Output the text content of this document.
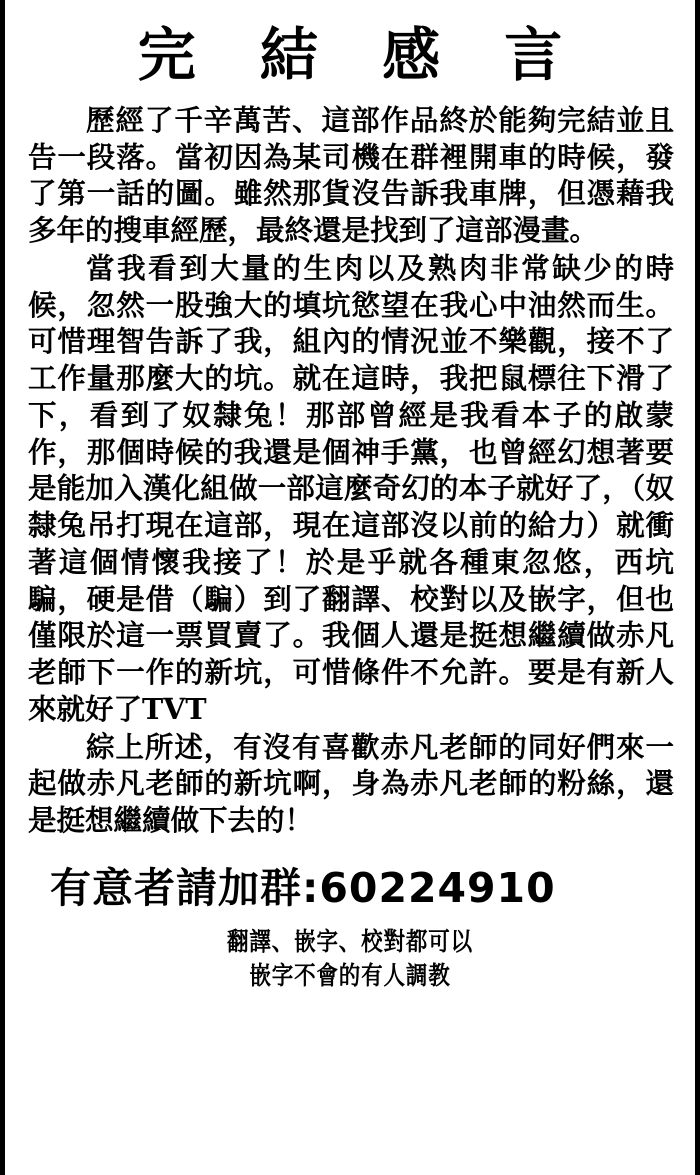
完 結 感 言

歷經了千辛萬苦、這部作品終於能夠完結並且告一段落。當初因為某司機在群裡開車的時候，發了第一話的圖。雖然那貨沒告訴我車牌，但憑藉我多年的搜車經歷，最終還是找到了這部漫畫。

當我看到大量的生肉以及熟肉非常缺少的時候，忽然一股強大的填坑慾望在我心中油然而生。可惜理智告訴了我，組內的情況並不樂觀，接不了工作量那麼大的坑。就在這時，我把鼠標往下滑了下，看到了奴隸兔！那部曾經是我看本子的啟蒙作，那個時候的我還是個神手黨，也曾經幻想著要是能加入漢化組做一部這麼奇幻的本子就好了，（奴隸兔吊打現在這部，現在這部沒以前的給力）就衝著這個情懷我接了！於是乎就各種東忽悠，西坑騙，硬是借（騙）到了翻譯、校對以及嵌字，但也僅限於這一票買賣了。我個人還是挺想繼續做赤凡老師下一作的新坑，可惜條件不允許。要是有新人來就好了TVT

綜上所述，有沒有喜歡赤凡老師的同好們來一起做赤凡老師的新坑啊，身為赤凡老師的粉絲，還是挺想繼續做下去的！

有意者請加群:60224910
翻譯、嵌字、校對都可以
嵌字不會的有人調教
